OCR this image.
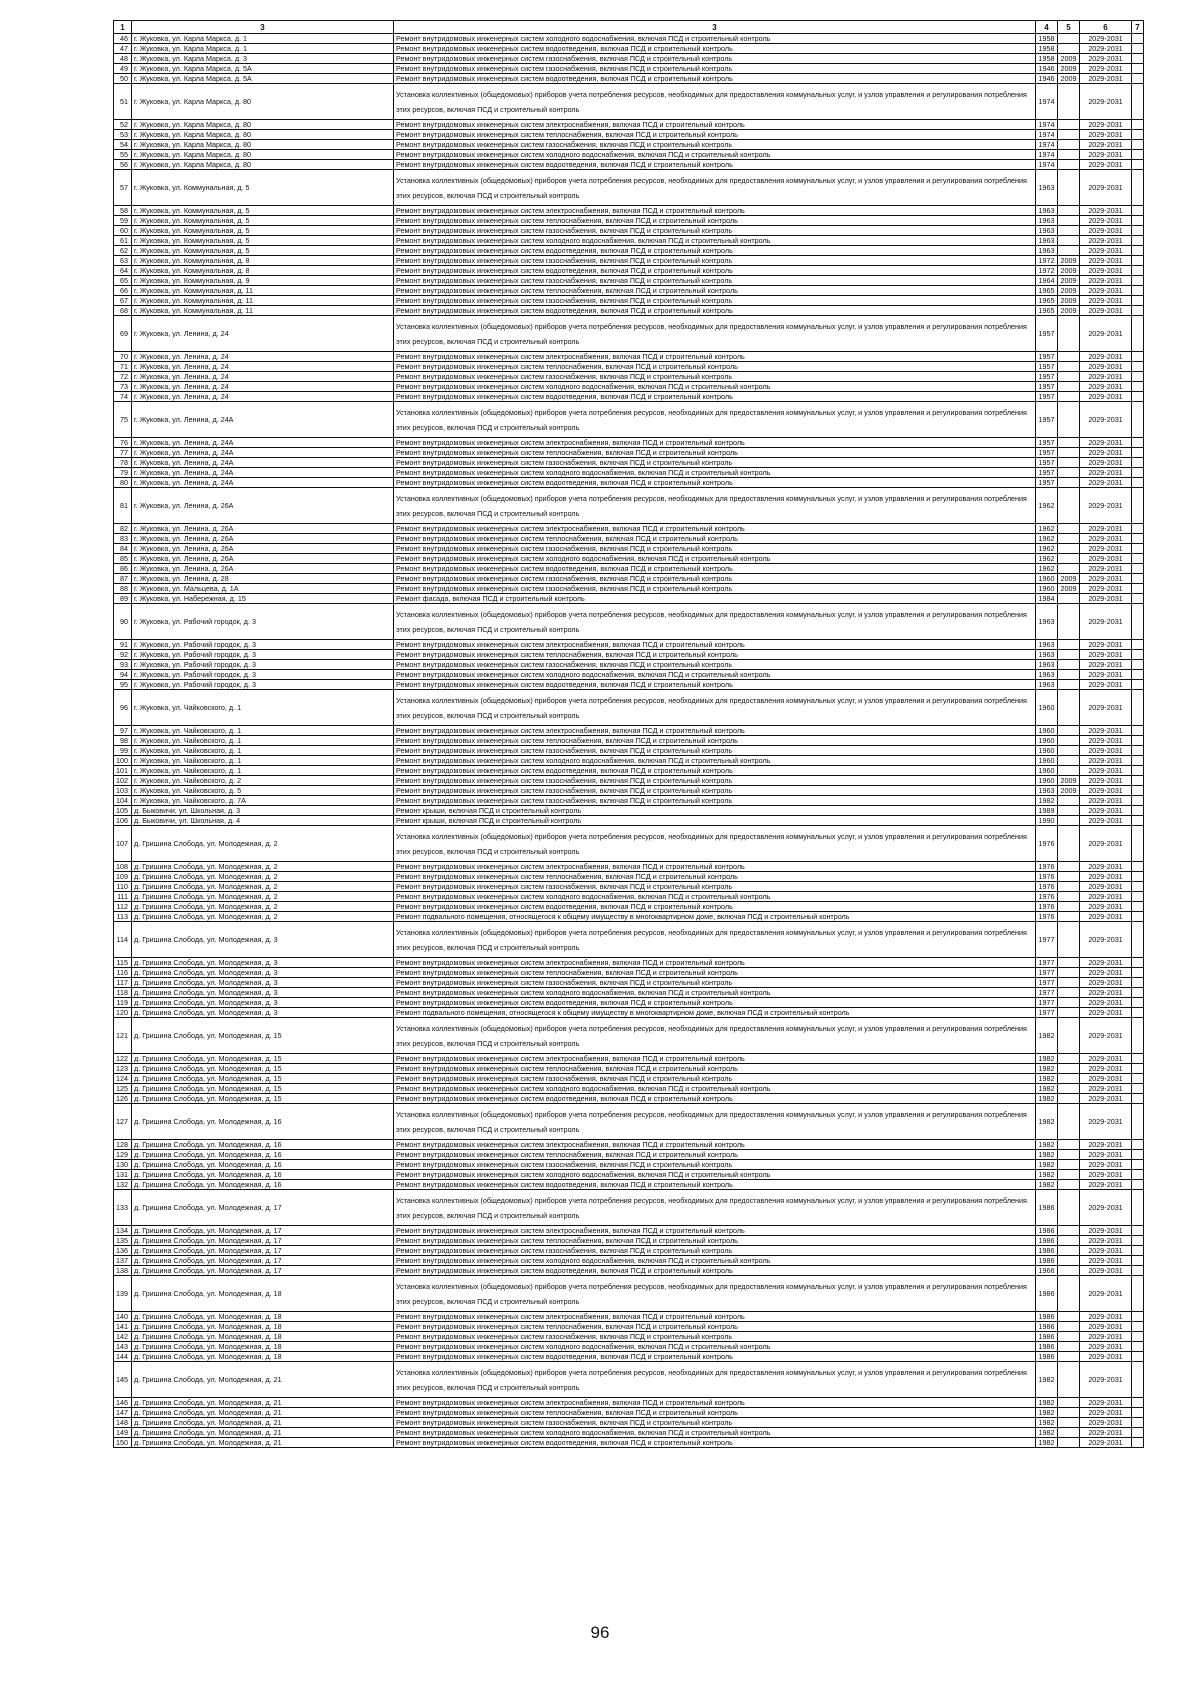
1	3	3	4	5	6	7
46	г. Жуковка, ул. Карла Маркса, д. 1	Ремонт внутридомовых инженерных систем холодного водоснабжения, включая ПСД и строительный контроль	1958		2029-2031	
47	г. Жуковка, ул. Карла Маркса, д. 1	Ремонт внутридомовых инженерных систем водоотведения, включая ПСД и строительный контроль	1958		2029-2031	
48	г. Жуковка, ул. Карла Маркса, д. 3	Ремонт внутридомовых инженерных систем газоснабжения, включая ПСД и строительный контроль	1958	2009	2029-2031	
49	г. Жуковка, ул. Карла Маркса, д. 5А	Ремонт внутридомовых инженерных систем газоснабжения, включая ПСД и строительный контроль	1946	2009	2029-2031	
50	г. Жуковка, ул. Карла Маркса, д. 5А	Ремонт внутридомовых инженерных систем водоотведения, включая ПСД и строительный контроль	1946	2009	2029-2031	
51	г. Жуковка, ул. Карла Маркса, д. 80	Установка коллективных (общедомовых) приборов учета потребления ресурсов, необходимых для предоставления коммунальных услуг, и узлов управления и регулирования потребления этих ресурсов, включая ПСД и строительный контроль	1974		2029-2031	
52	г. Жуковка, ул. Карла Маркса, д. 80	Ремонт внутридомовых инженерных систем электроснабжения, включая ПСД и строительный контроль	1974		2029-2031	
53	г. Жуковка, ул. Карла Маркса, д. 80	Ремонт внутридомовых инженерных систем теплоснабжения, включая ПСД и строительный контроль	1974		2029-2031	
54	г. Жуковка, ул. Карла Маркса, д. 80	Ремонт внутридомовых инженерных систем газоснабжения, включая ПСД и строительный контроль	1974		2029-2031	
55	г. Жуковка, ул. Карла Маркса, д. 80	Ремонт внутридомовых инженерных систем холодного водоснабжения, включая ПСД и строительный контроль	1974		2029-2031	
56	г. Жуковка, ул. Карла Маркса, д. 80	Ремонт внутридомовых инженерных систем водоотведения, включая ПСД и строительный контроль	1974		2029-2031	
57	г. Жуковка, ул. Коммунальная, д. 5	Установка коллективных (общедомовых) приборов учета потребления ресурсов, необходимых для предоставления коммунальных услуг, и узлов управления и регулирования потребления этих ресурсов, включая ПСД и строительный контроль	1963		2029-2031	
58	г. Жуковка, ул. Коммунальная, д. 5	Ремонт внутридомовых инженерных систем электроснабжения, включая ПСД и строительный контроль	1963		2029-2031	
59	г. Жуковка, ул. Коммунальная, д. 5	Ремонт внутридомовых инженерных систем теплоснабжения, включая ПСД и строительный контроль	1963		2029-2031	
60	г. Жуковка, ул. Коммунальная, д. 5	Ремонт внутридомовых инженерных систем газоснабжения, включая ПСД и строительный контроль	1963		2029-2031	
61	г. Жуковка, ул. Коммунальная, д. 5	Ремонт внутридомовых инженерных систем холодного водоснабжения, включая ПСД и строительный контроль	1963		2029-2031	
62	г. Жуковка, ул. Коммунальная, д. 5	Ремонт внутридомовых инженерных систем водоотведения, включая ПСД и строительный контроль	1963		2029-2031	
63	г. Жуковка, ул. Коммунальная, д. 8	Ремонт внутридомовых инженерных систем газоснабжения, включая ПСД и строительный контроль	1972	2009	2029-2031	
64	г. Жуковка, ул. Коммунальная, д. 8	Ремонт внутридомовых инженерных систем водоотведения, включая ПСД и строительный контроль	1972	2009	2029-2031	
65	г. Жуковка, ул. Коммунальная, д. 9	Ремонт внутридомовых инженерных систем газоснабжения, включая ПСД и строительный контроль	1964	2009	2029-2031	
66	г. Жуковка, ул. Коммунальная, д. 11	Ремонт внутридомовых инженерных систем теплоснабжения, включая ПСД и строительный контроль	1965	2009	2029-2031	
67	г. Жуковка, ул. Коммунальная, д. 11	Ремонт внутридомовых инженерных систем газоснабжения, включая ПСД и строительный контроль	1965	2009	2029-2031	
68	г. Жуковка, ул. Коммунальная, д. 11	Ремонт внутридомовых инженерных систем водоотведения, включая ПСД и строительный контроль	1965	2009	2029-2031	
69	г. Жуковка, ул. Ленина, д. 24	Установка коллективных (общедомовых) приборов учета потребления ресурсов, необходимых для предоставления коммунальных услуг, и узлов управления и регулирования потребления этих ресурсов, включая ПСД и строительный контроль	1957		2029-2031	
70	г. Жуковка, ул. Ленина, д. 24	Ремонт внутридомовых инженерных систем электроснабжения, включая ПСД и строительный контроль	1957		2029-2031	
71	г. Жуковка, ул. Ленина, д. 24	Ремонт внутридомовых инженерных систем теплоснабжения, включая ПСД и строительный контроль	1957		2029-2031	
72	г. Жуковка, ул. Ленина, д. 24	Ремонт внутридомовых инженерных систем газоснабжения, включая ПСД и строительный контроль	1957		2029-2031	
73	г. Жуковка, ул. Ленина, д. 24	Ремонт внутридомовых инженерных систем холодного водоснабжения, включая ПСД и строительный контроль	1957		2029-2031	
74	г. Жуковка, ул. Ленина, д. 24	Ремонт внутридомовых инженерных систем водоотведения, включая ПСД и строительный контроль	1957		2029-2031	
75	г. Жуковка, ул. Ленина, д. 24А	Установка коллективных (общедомовых) приборов учета потребления ресурсов, необходимых для предоставления коммунальных услуг, и узлов управления и регулирования потребления этих ресурсов, включая ПСД и строительный контроль	1957		2029-2031	
76	г. Жуковка, ул. Ленина, д. 24А	Ремонт внутридомовых инженерных систем электроснабжения, включая ПСД и строительный контроль	1957		2029-2031	
77	г. Жуковка, ул. Ленина, д. 24А	Ремонт внутридомовых инженерных систем теплоснабжения, включая ПСД и строительный контроль	1957		2029-2031	
78	г. Жуковка, ул. Ленина, д. 24А	Ремонт внутридомовых инженерных систем газоснабжения, включая ПСД и строительный контроль	1957		2029-2031	
79	г. Жуковка, ул. Ленина, д. 24А	Ремонт внутридомовых инженерных систем холодного водоснабжения, включая ПСД и строительный контроль	1957		2029-2031	
80	г. Жуковка, ул. Ленина, д. 24А	Ремонт внутридомовых инженерных систем водоотведения, включая ПСД и строительный контроль	1957		2029-2031	
81	г. Жуковка, ул. Ленина, д. 26А	Установка коллективных (общедомовых) приборов учета потребления ресурсов, необходимых для предоставления коммунальных услуг, и узлов управления и регулирования потребления этих ресурсов, включая ПСД и строительный контроль	1962		2029-2031	
82	г. Жуковка, ул. Ленина, д. 26А	Ремонт внутридомовых инженерных систем электроснабжения, включая ПСД и строительный контроль	1962		2029-2031	
83	г. Жуковка, ул. Ленина, д. 26А	Ремонт внутридомовых инженерных систем теплоснабжения, включая ПСД и строительный контроль	1962		2029-2031	
84	г. Жуковка, ул. Ленина, д. 26А	Ремонт внутридомовых инженерных систем газоснабжения, включая ПСД и строительный контроль	1962		2029-2031	
85	г. Жуковка, ул. Ленина, д. 26А	Ремонт внутридомовых инженерных систем холодного водоснабжения, включая ПСД и строительный контроль	1962		2029-2031	
86	г. Жуковка, ул. Ленина, д. 26А	Ремонт внутридомовых инженерных систем водоотведения, включая ПСД и строительный контроль	1962		2029-2031	
87	г. Жуковка, ул. Ленина, д. 28	Ремонт внутридомовых инженерных систем газоснабжения, включая ПСД и строительный контроль	1960	2009	2029-2031	
88	г. Жуковка, ул. Мальцева, д. 1А	Ремонт внутридомовых инженерных систем газоснабжения, включая ПСД и строительный контроль	1960	2009	2029-2031	
89	г. Жуковка, ул. Набережная, д. 15	Ремонт фасада, включая ПСД и строительный контроль	1984		2029-2031	
90	г. Жуковка, ул. Рабочий городок, д. 3	Установка коллективных (общедомовых) приборов учета потребления ресурсов, необходимых для предоставления коммунальных услуг, и узлов управления и регулирования потребления этих ресурсов, включая ПСД и строительный контроль	1963		2029-2031	
91	г. Жуковка, ул. Рабочий городок, д. 3	Ремонт внутридомовых инженерных систем электроснабжения, включая ПСД и строительный контроль	1963		2029-2031	
92	г. Жуковка, ул. Рабочий городок, д. 3	Ремонт внутридомовых инженерных систем теплоснабжения, включая ПСД и строительный контроль	1963		2029-2031	
93	г. Жуковка, ул. Рабочий городок, д. 3	Ремонт внутридомовых инженерных систем газоснабжения, включая ПСД и строительный контроль	1963		2029-2031	
94	г. Жуковка, ул. Рабочий городок, д. 3	Ремонт внутридомовых инженерных систем холодного водоснабжения, включая ПСД и строительный контроль	1963		2029-2031	
95	г. Жуковка, ул. Рабочий городок, д. 3	Ремонт внутридомовых инженерных систем водоотведения, включая ПСД и строительный контроль	1963		2029-2031	
96	г. Жуковка, ул. Чайковского, д. 1	Установка коллективных (общедомовых) приборов учета потребления ресурсов, необходимых для предоставления коммунальных услуг, и узлов управления и регулирования потребления этих ресурсов, включая ПСД и строительный контроль	1960		2029-2031	
97	г. Жуковка, ул. Чайковского, д. 1	Ремонт внутридомовых инженерных систем электроснабжения, включая ПСД и строительный контроль	1960		2029-2031	
98	г. Жуковка, ул. Чайковского, д. 1	Ремонт внутридомовых инженерных систем теплоснабжения, включая ПСД и строительный контроль	1960		2029-2031	
99	г. Жуковка, ул. Чайковского, д. 1	Ремонт внутридомовых инженерных систем газоснабжения, включая ПСД и строительный контроль	1960		2029-2031	
100	г. Жуковка, ул. Чайковского, д. 1	Ремонт внутридомовых инженерных систем холодного водоснабжения, включая ПСД и строительный контроль	1960		2029-2031	
101	г. Жуковка, ул. Чайковского, д. 1	Ремонт внутридомовых инженерных систем водоотведения, включая ПСД и строительный контроль	1960		2029-2031	
102	г. Жуковка, ул. Чайковского, д. 2	Ремонт внутридомовых инженерных систем газоснабжения, включая ПСД и строительный контроль	1960	2009	2029-2031	
103	г. Жуковка, ул. Чайковского, д. 5	Ремонт внутридомовых инженерных систем газоснабжения, включая ПСД и строительный контроль	1963	2009	2029-2031	
104	г. Жуковка, ул. Чайковского, д. 7А	Ремонт внутридомовых инженерных систем газоснабжения, включая ПСД и строительный контроль	1982		2029-2031	
105	д. Быковичи, ул. Школьная, д. 3	Ремонт крыши, включая ПСД и строительный контроль	1989		2029-2031	
106	д. Быковичи, ул. Школьная, д. 4	Ремонт крыши, включая ПСД и строительный контроль	1990		2029-2031	
107	д. Гришина Слобода, ул. Молодежная, д. 2	Установка коллективных (общедомовых) приборов учета потребления ресурсов, необходимых для предоставления коммунальных услуг, и узлов управления и регулирования потребления этих ресурсов, включая ПСД и строительный контроль	1976		2029-2031	
108	д. Гришина Слобода, ул. Молодежная, д. 2	Ремонт внутридомовых инженерных систем электроснабжения, включая ПСД и строительный контроль	1976		2029-2031	
109	д. Гришина Слобода, ул. Молодежная, д. 2	Ремонт внутридомовых инженерных систем теплоснабжения, включая ПСД и строительный контроль	1976		2029-2031	
110	д. Гришина Слобода, ул. Молодежная, д. 2	Ремонт внутридомовых инженерных систем газоснабжения, включая ПСД и строительный контроль	1976		2029-2031	
111	д. Гришина Слобода, ул. Молодежная, д. 2	Ремонт внутридомовых инженерных систем холодного водоснабжения, включая ПСД и строительный контроль	1976		2029-2031	
112	д. Гришина Слобода, ул. Молодежная, д. 2	Ремонт внутридомовых инженерных систем водоотведения, включая ПСД и строительный контроль	1976		2029-2031	
113	д. Гришина Слобода, ул. Молодежная, д. 2	Ремонт подвального помещения, относящегося к общему имуществу в многоквартирном доме, включая ПСД и строительный контроль	1976		2029-2031	
114	д. Гришина Слобода, ул. Молодежная, д. 3	Установка коллективных (общедомовых) приборов учета потребления ресурсов, необходимых для предоставления коммунальных услуг, и узлов управления и регулирования потребления этих ресурсов, включая ПСД и строительный контроль	1977		2029-2031	
115	д. Гришина Слобода, ул. Молодежная, д. 3	Ремонт внутридомовых инженерных систем электроснабжения, включая ПСД и строительный контроль	1977		2029-2031	
116	д. Гришина Слобода, ул. Молодежная, д. 3	Ремонт внутридомовых инженерных систем теплоснабжения, включая ПСД и строительный контроль	1977		2029-2031	
117	д. Гришина Слобода, ул. Молодежная, д. 3	Ремонт внутридомовых инженерных систем газоснабжения, включая ПСД и строительный контроль	1977		2029-2031	
118	д. Гришина Слобода, ул. Молодежная, д. 3	Ремонт внутридомовых инженерных систем холодного водоснабжения, включая ПСД и строительный контроль	1977		2029-2031	
119	д. Гришина Слобода, ул. Молодежная, д. 3	Ремонт внутридомовых инженерных систем водоотведения, включая ПСД и строительный контроль	1977		2029-2031	
120	д. Гришина Слобода, ул. Молодежная, д. 3	Ремонт подвального помещения, относящегося к общему имуществу в многоквартирном доме, включая ПСД и строительный контроль	1977		2029-2031	
121	д. Гришина Слобода, ул. Молодежная, д. 15	Установка коллективных (общедомовых) приборов учета потребления ресурсов, необходимых для предоставления коммунальных услуг, и узлов управления и регулирования потребления этих ресурсов, включая ПСД и строительный контроль	1982		2029-2031	
122	д. Гришина Слобода, ул. Молодежная, д. 15	Ремонт внутридомовых инженерных систем электроснабжения, включая ПСД и строительный контроль	1982		2029-2031	
123	д. Гришина Слобода, ул. Молодежная, д. 15	Ремонт внутридомовых инженерных систем теплоснабжения, включая ПСД и строительный контроль	1982		2029-2031	
124	д. Гришина Слобода, ул. Молодежная, д. 15	Ремонт внутридомовых инженерных систем газоснабжения, включая ПСД и строительный контроль	1982		2029-2031	
125	д. Гришина Слобода, ул. Молодежная, д. 15	Ремонт внутридомовых инженерных систем холодного водоснабжения, включая ПСД и строительный контроль	1982		2029-2031	
126	д. Гришина Слобода, ул. Молодежная, д. 15	Ремонт внутридомовых инженерных систем водоотведения, включая ПСД и строительный контроль	1982		2029-2031	
127	д. Гришина Слобода, ул. Молодежная, д. 16	Установка коллективных (общедомовых) приборов учета потребления ресурсов, необходимых для предоставления коммунальных услуг, и узлов управления и регулирования потребления этих ресурсов, включая ПСД и строительный контроль	1982		2029-2031	
128	д. Гришина Слобода, ул. Молодежная, д. 16	Ремонт внутридомовых инженерных систем электроснабжения, включая ПСД и строительный контроль	1982		2029-2031	
129	д. Гришина Слобода, ул. Молодежная, д. 16	Ремонт внутридомовых инженерных систем теплоснабжения, включая ПСД и строительный контроль	1982		2029-2031	
130	д. Гришина Слобода, ул. Молодежная, д. 16	Ремонт внутридомовых инженерных систем газоснабжения, включая ПСД и строительный контроль	1982		2029-2031	
131	д. Гришина Слобода, ул. Молодежная, д. 16	Ремонт внутридомовых инженерных систем холодного водоснабжения, включая ПСД и строительный контроль	1982		2029-2031	
132	д. Гришина Слобода, ул. Молодежная, д. 16	Ремонт внутридомовых инженерных систем водоотведения, включая ПСД и строительный контроль	1982		2029-2031	
133	д. Гришина Слобода, ул. Молодежная, д. 17	Установка коллективных (общедомовых) приборов учета потребления ресурсов, необходимых для предоставления коммунальных услуг, и узлов управления и регулирования потребления этих ресурсов, включая ПСД и строительный контроль	1986		2029-2031	
134	д. Гришина Слобода, ул. Молодежная, д. 17	Ремонт внутридомовых инженерных систем электроснабжения, включая ПСД и строительный контроль	1986		2029-2031	
135	д. Гришина Слобода, ул. Молодежная, д. 17	Ремонт внутридомовых инженерных систем теплоснабжения, включая ПСД и строительный контроль	1986		2029-2031	
136	д. Гришина Слобода, ул. Молодежная, д. 17	Ремонт внутридомовых инженерных систем газоснабжения, включая ПСД и строительный контроль	1986		2029-2031	
137	д. Гришина Слобода, ул. Молодежная, д. 17	Ремонт внутридомовых инженерных систем холодного водоснабжения, включая ПСД и строительный контроль	1986		2029-2031	
138	д. Гришина Слобода, ул. Молодежная, д. 17	Ремонт внутридомовых инженерных систем водоотведения, включая ПСД и строительный контроль	1966		2029-2031	
139	д. Гришина Слобода, ул. Молодежная, д. 18	Установка коллективных (общедомовых) приборов учета потребления ресурсов, необходимых для предоставления коммунальных услуг, и узлов управления и регулирования потребления этих ресурсов, включая ПСД и строительный контроль	1986		2029-2031	
140	д. Гришина Слобода, ул. Молодежная, д. 18	Ремонт внутридомовых инженерных систем электроснабжения, включая ПСД и строительный контроль	1986		2029-2031	
141	д. Гришина Слобода, ул. Молодежная, д. 18	Ремонт внутридомовых инженерных систем теплоснабжения, включая ПСД и строительный контроль	1986		2029-2031	
142	д. Гришина Слобода, ул. Молодежная, д. 18	Ремонт внутридомовых инженерных систем газоснабжения, включая ПСД и строительный контроль	1986		2029-2031	
143	д. Гришина Слобода, ул. Молодежная, д. 18	Ремонт внутридомовых инженерных систем холодного водоснабжения, включая ПСД и строительный контроль	1986		2029-2031	
144	д. Гришина Слобода, ул. Молодежная, д. 18	Ремонт внутридомовых инженерных систем водоотведения, включая ПСД и строительный контроль	1986		2029-2031	
145	д. Гришина Слобода, ул. Молодежная, д. 21	Установка коллективных (общедомовых) приборов учета потребления ресурсов, необходимых для предоставления коммунальных услуг, и узлов управления и регулирования потребления этих ресурсов, включая ПСД и строительный контроль	1982		2029-2031	
146	д. Гришина Слобода, ул. Молодежная, д. 21	Ремонт внутридомовых инженерных систем электроснабжения, включая ПСД и строительный контроль	1982		2029-2031	
147	д. Гришина Слобода, ул. Молодежная, д. 21	Ремонт внутридомовых инженерных систем теплоснабжения, включая ПСД и строительный контроль	1982		2029-2031	
148	д. Гришина Слобода, ул. Молодежная, д. 21	Ремонт внутридомовых инженерных систем газоснабжения, включая ПСД и строительный контроль	1982		2029-2031	
149	д. Гришина Слобода, ул. Молодежная, д. 21	Ремонт внутридомовых инженерных систем холодного водоснабжения, включая ПСД и строительный контроль	1982		2029-2031	
150	д. Гришина Слобода, ул. Молодежная, д. 21	Ремонт внутридомовых инженерных систем водоотведения, включая ПСД и строительный контроль	1982		2029-2031	
96
